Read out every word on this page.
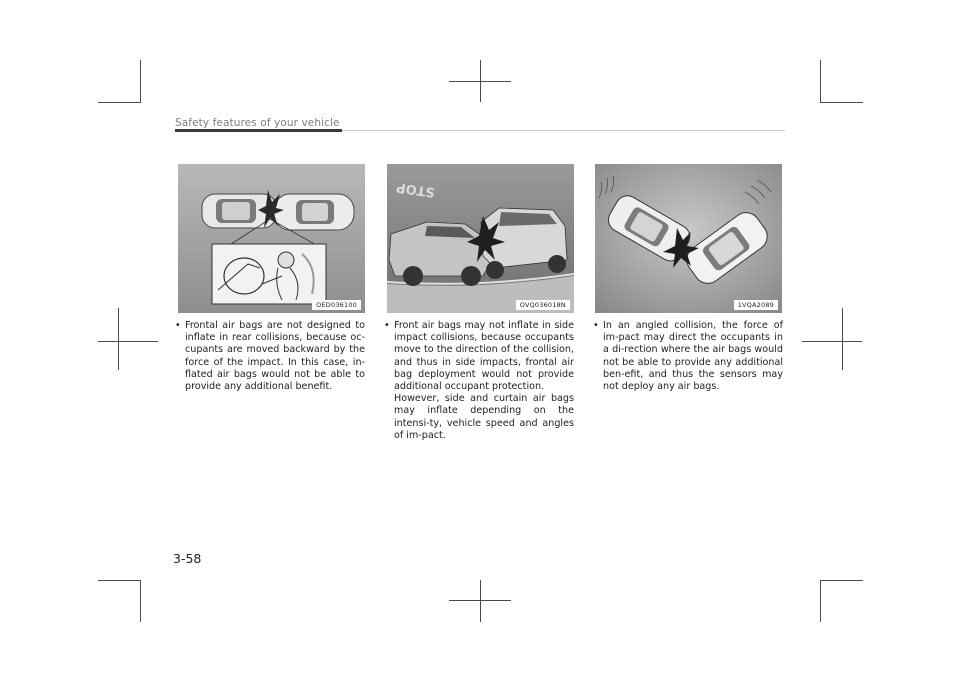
Safety features of your vehicle
OED036100
STOP
OVQ036018N	1VQA2089

• Frontal air bags are not designed to inflate in rear collisions, because oc-cupants are moved backward by the force of the impact. In this case, in-flated air bags would not be able to provide any additional benefit.

• Front air bags may not inflate in side impact collisions, because occupants move to the direction of the collision, and thus in side impacts, frontal air bag deployment would not provide additional occupant protection.
However, side and curtain air bags may inflate depending on the intensi-ty, vehicle speed and angles of im-pact.

• In an angled collision, the force of im-pact may direct the occupants in a di-rection where the air bags would not be able to provide any additional ben-efit, and thus the sensors may not deploy any air bags.

3-58
